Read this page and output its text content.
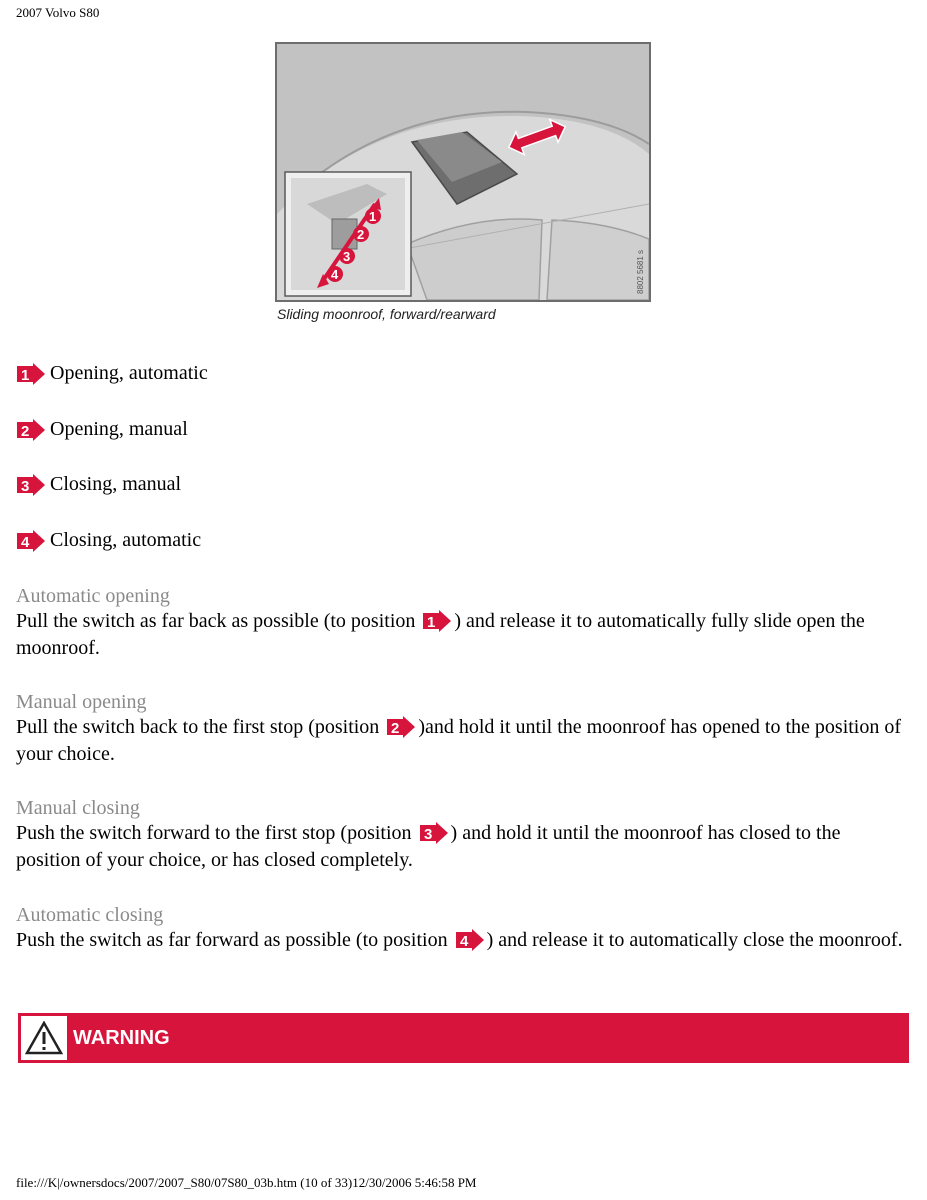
2007 Volvo S80
1
2
3
4	8802 5681 s
Sliding moonroof, forward/rearward
1 Opening, automatic
2 Opening, manual
3 Closing, manual
4 Closing, automatic
Automatic opening
Pull the switch as far back as possible (to position 1 ) and release it to automatically fully slide open the moonroof.
Manual opening
Pull the switch back to the first stop (position 2 )and hold it until the moonroof has opened to the position of your choice.
Manual closing
Push the switch forward to the first stop (position 3 ) and hold it until the moonroof has closed to the position of your choice, or has closed completely.
Automatic closing
Push the switch as far forward as possible (to position 4 ) and release it to automatically close the moonroof.
WARNING
file:///K|/ownersdocs/2007/2007_S80/07S80_03b.htm (10 of 33)12/30/2006 5:46:58 PM
